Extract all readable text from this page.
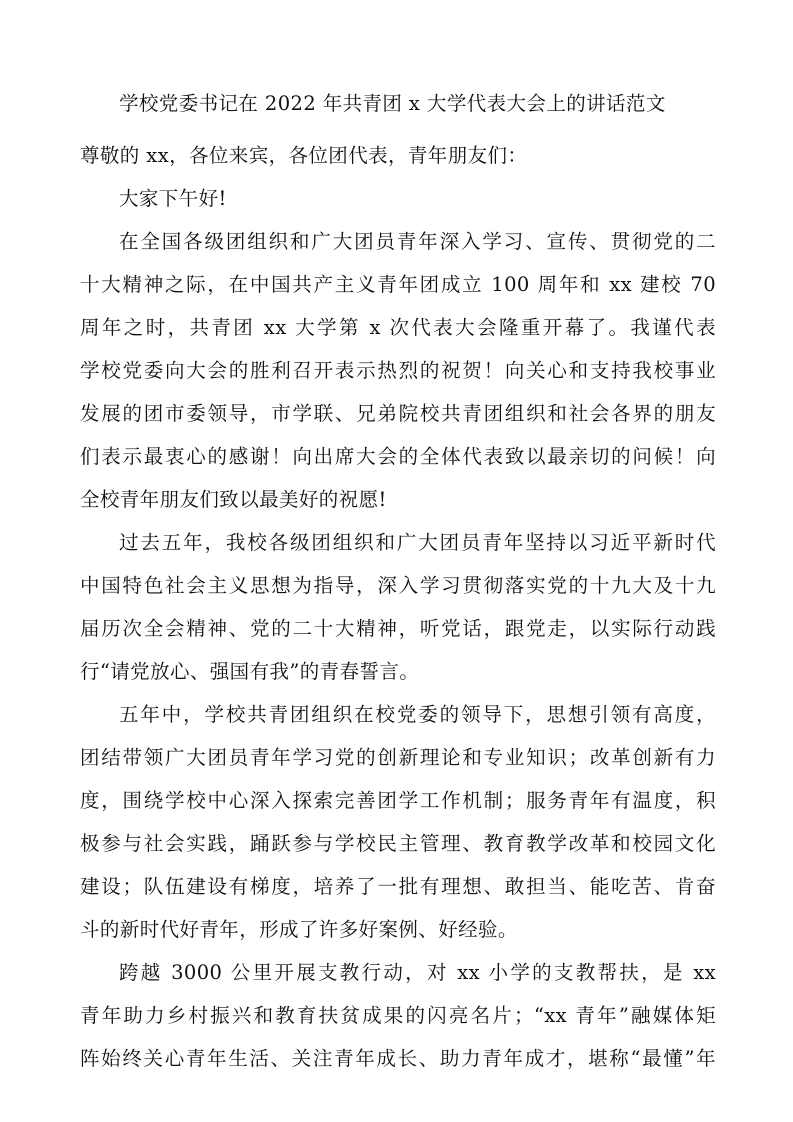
学校党委书记在 2022 年共青团 x 大学代表大会上的讲话范文
尊敬的 xx，各位来宾，各位团代表，青年朋友们：
大家下午好!
在全国各级团组织和广大团员青年深入学习、宣传、贯彻党的二
十大精神之际，在中国共产主义青年团成立 100 周年和 xx 建校 70
周年之时，共青团 xx 大学第 x 次代表大会隆重开幕了。我谨代表
学校党委向大会的胜利召开表示热烈的祝贺！向关心和支持我校事业
发展的团市委领导，市学联、兄弟院校共青团组织和社会各界的朋友
们表示最衷心的感谢！向出席大会的全体代表致以最亲切的问候！向
全校青年朋友们致以最美好的祝愿!
过去五年，我校各级团组织和广大团员青年坚持以习近平新时代
中国特色社会主义思想为指导，深入学习贯彻落实党的十九大及十九
届历次全会精神、党的二十大精神，听党话，跟党走，以实际行动践
行“请党放心、强国有我”的青春誓言。
五年中，学校共青团组织在校党委的领导下，思想引领有高度，
团结带领广大团员青年学习党的创新理论和专业知识；改革创新有力
度，围绕学校中心深入探索完善团学工作机制；服务青年有温度，积
极参与社会实践，踊跃参与学校民主管理、教育教学改革和校园文化
建设；队伍建设有梯度，培养了一批有理想、敢担当、能吃苦、肯奋
斗的新时代好青年，形成了许多好案例、好经验。
跨越 3000 公里开展支教行动，对 xx 小学的支教帮扶，是 xx
青年助力乡村振兴和教育扶贫成果的闪亮名片；“xx 青年”融媒体矩
阵始终关心青年生活、关注青年成长、助力青年成才，堪称“最懂”年
